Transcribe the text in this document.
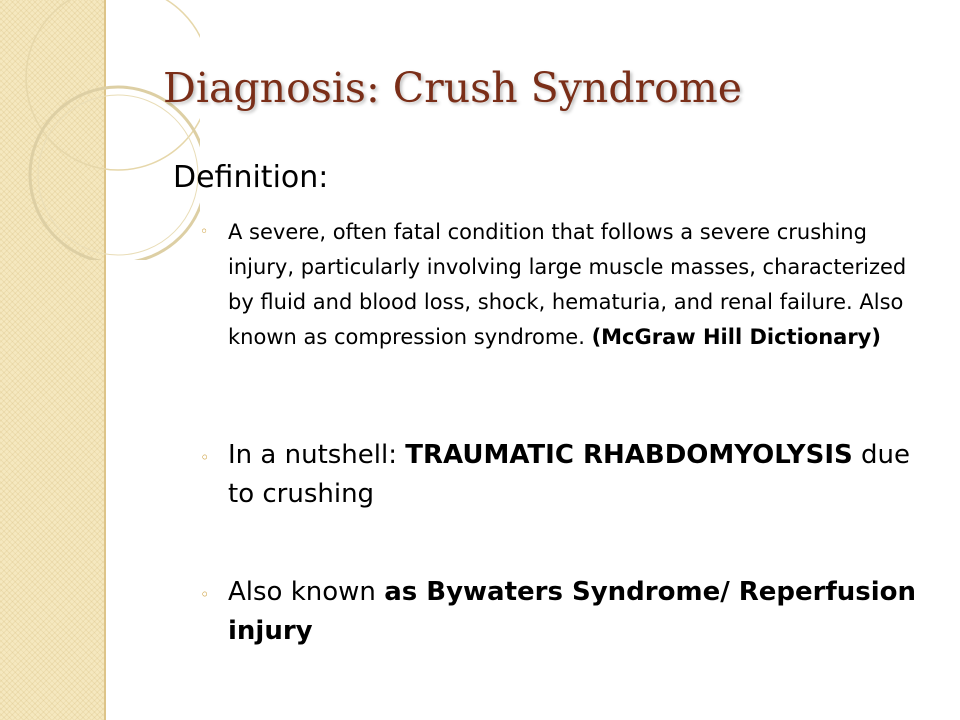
Diagnosis: Crush Syndrome
Definition:
◦ A severe, often fatal condition that follows a severe crushing injury, particularly involving large muscle masses, characterized by fluid and blood loss, shock, hematuria, and renal failure. Also known as compression syndrome. (McGraw Hill Dictionary)
◦ In a nutshell: TRAUMATIC RHABDOMYOLYSIS due to crushing
◦ Also known as Bywaters Syndrome/ Reperfusion injury
